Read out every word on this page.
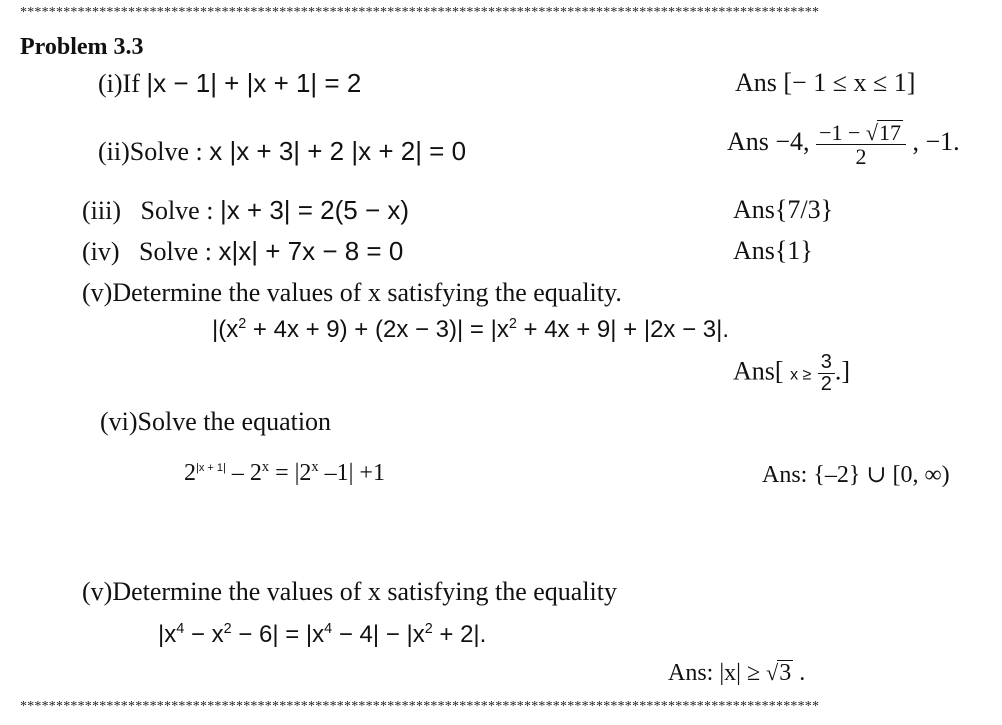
***************************************************************************************************************
Problem 3.3
(i)If |x − 1| + |x + 1| = 2	Ans [− 1 ≤ x ≤ 1]
(ii)Solve : x |x + 3| + 2 |x + 2| = 0	Ans −4, $\frac{-1 - √17}{2}$ , −1.
(iii) Solve : |x + 3| = 2(5 − x)	Ans{7/3}
(iv) Solve : x|x| + 7x − 8 = 0	Ans{1}
(v)Determine the values of x satisfying the equality.
$|(x^2 + 4x + 9) + (2x - 3)| = |x^2 + 4x + 9| + |2x - 3|$.
Ans[ $x \ge \frac{3}{2}$ .]
(vi)Solve the equation
$2^{|x + 1|} - 2^x = |2^x$ –1| +1	Ans: {–2} ∪ [0, ∞)
(v)Determine the values of x satisfying the equality
$|x^4 - x^2 - 6| = |x^4 - 4| - |x^2 + 2|$.
Ans: |x| ≥ √3 .
***************************************************************************************************************
